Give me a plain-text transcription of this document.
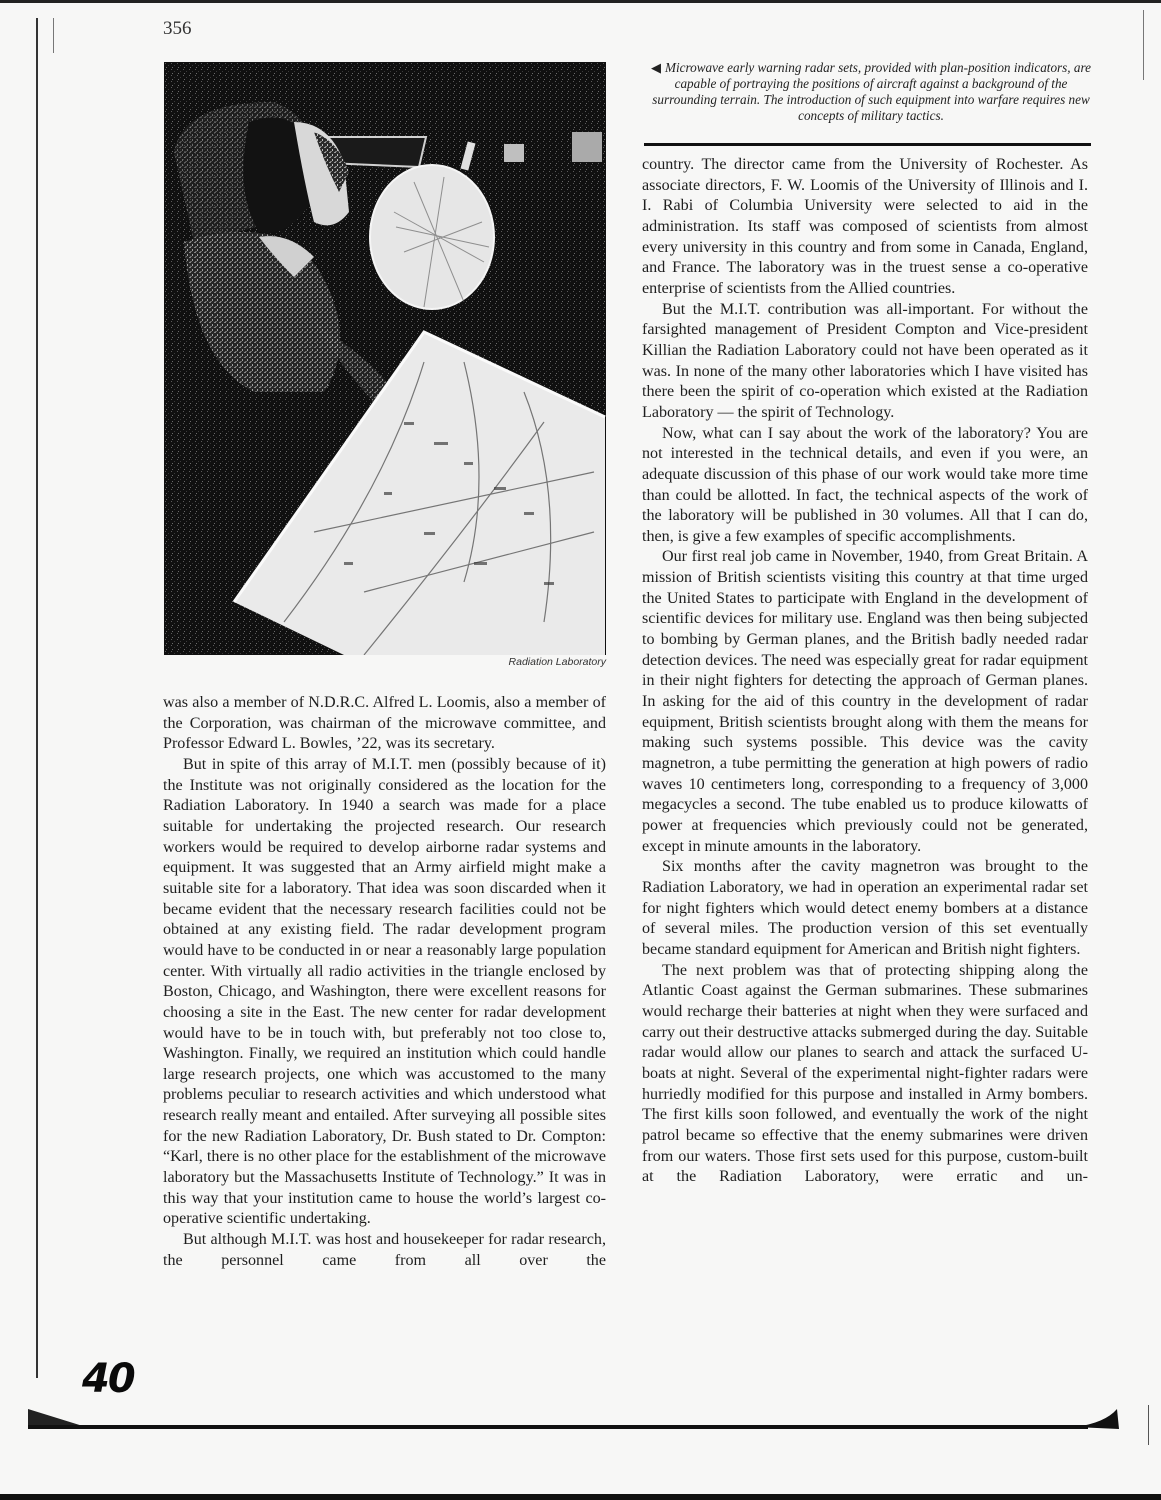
356
Radiation Laboratory
◀ Microwave early warning radar sets, provided with plan-position indicators, are capable of portraying the positions of aircraft against a background of the surrounding terrain. The introduction of such equipment into warfare requires new concepts of military tactics.

was also a member of N.D.R.C. Alfred L. Loomis, also a member of the Corporation, was chairman of the microwave committee, and Professor Edward L. Bowles, ’22, was its secretary.

But in spite of this array of M.I.T. men (possibly because of it) the Institute was not originally considered as the location for the Radiation Laboratory. In 1940 a search was made for a place suitable for undertaking the projected research. Our research workers would be required to develop airborne radar systems and equipment. It was suggested that an Army airfield might make a suitable site for a laboratory. That idea was soon discarded when it became evident that the necessary research facilities could not be obtained at any existing field. The radar development program would have to be conducted in or near a reasonably large population center. With virtually all radio activities in the triangle enclosed by Boston, Chicago, and Washington, there were excellent reasons for choosing a site in the East. The new center for radar development would have to be in touch with, but preferably not too close to, Washington. Finally, we required an institution which could handle large research projects, one which was accustomed to the many problems peculiar to research activities and which understood what research really meant and entailed. After surveying all possible sites for the new Radiation Laboratory, Dr. Bush stated to Dr. Compton: “Karl, there is no other place for the establishment of the microwave laboratory but the Massachusetts Institute of Technology.” It was in this way that your institution came to house the world’s largest co-operative scientific undertaking.

But although M.I.T. was host and housekeeper for radar research, the personnel came from all over the

country. The director came from the University of Rochester. As associate directors, F. W. Loomis of the University of Illinois and I. I. Rabi of Columbia University were selected to aid in the administration. Its staff was composed of scientists from almost every university in this country and from some in Canada, England, and France. The laboratory was in the truest sense a co-operative enterprise of scientists from the Allied countries.

But the M.I.T. contribution was all-important. For without the farsighted management of President Compton and Vice-president Killian the Radiation Laboratory could not have been operated as it was. In none of the many other laboratories which I have visited has there been the spirit of co-operation which existed at the Radiation Laboratory — the spirit of Technology.

Now, what can I say about the work of the laboratory? You are not interested in the technical details, and even if you were, an adequate discussion of this phase of our work would take more time than could be allotted. In fact, the technical aspects of the work of the laboratory will be published in 30 volumes. All that I can do, then, is give a few examples of specific accomplishments.

Our first real job came in November, 1940, from Great Britain. A mission of British scientists visiting this country at that time urged the United States to participate with England in the development of scientific devices for military use. England was then being subjected to bombing by German planes, and the British badly needed radar detection devices. The need was especially great for radar equipment in their night fighters for detecting the approach of German planes. In asking for the aid of this country in the development of radar equipment, British scientists brought along with them the means for making such systems possible. This device was the cavity magnetron, a tube permitting the generation at high powers of radio waves 10 centimeters long, corresponding to a frequency of 3,000 megacycles a second. The tube enabled us to produce kilowatts of power at frequencies which previously could not be generated, except in minute amounts in the laboratory.

Six months after the cavity magnetron was brought to the Radiation Laboratory, we had in operation an experimental radar set for night fighters which would detect enemy bombers at a distance of several miles. The production version of this set eventually became standard equipment for American and British night fighters.

The next problem was that of protecting shipping along the Atlantic Coast against the German submarines. These submarines would recharge their batteries at night when they were surfaced and carry out their destructive attacks submerged during the day. Suitable radar would allow our planes to search and attack the surfaced U-boats at night. Several of the experimental night-fighter radars were hurriedly modified for this purpose and installed in Army bombers. The first kills soon followed, and eventually the work of the night patrol became so effective that the enemy submarines were driven from our waters. Those first sets used for this purpose, custom-built at the Radiation Laboratory, were erratic and un-

40
